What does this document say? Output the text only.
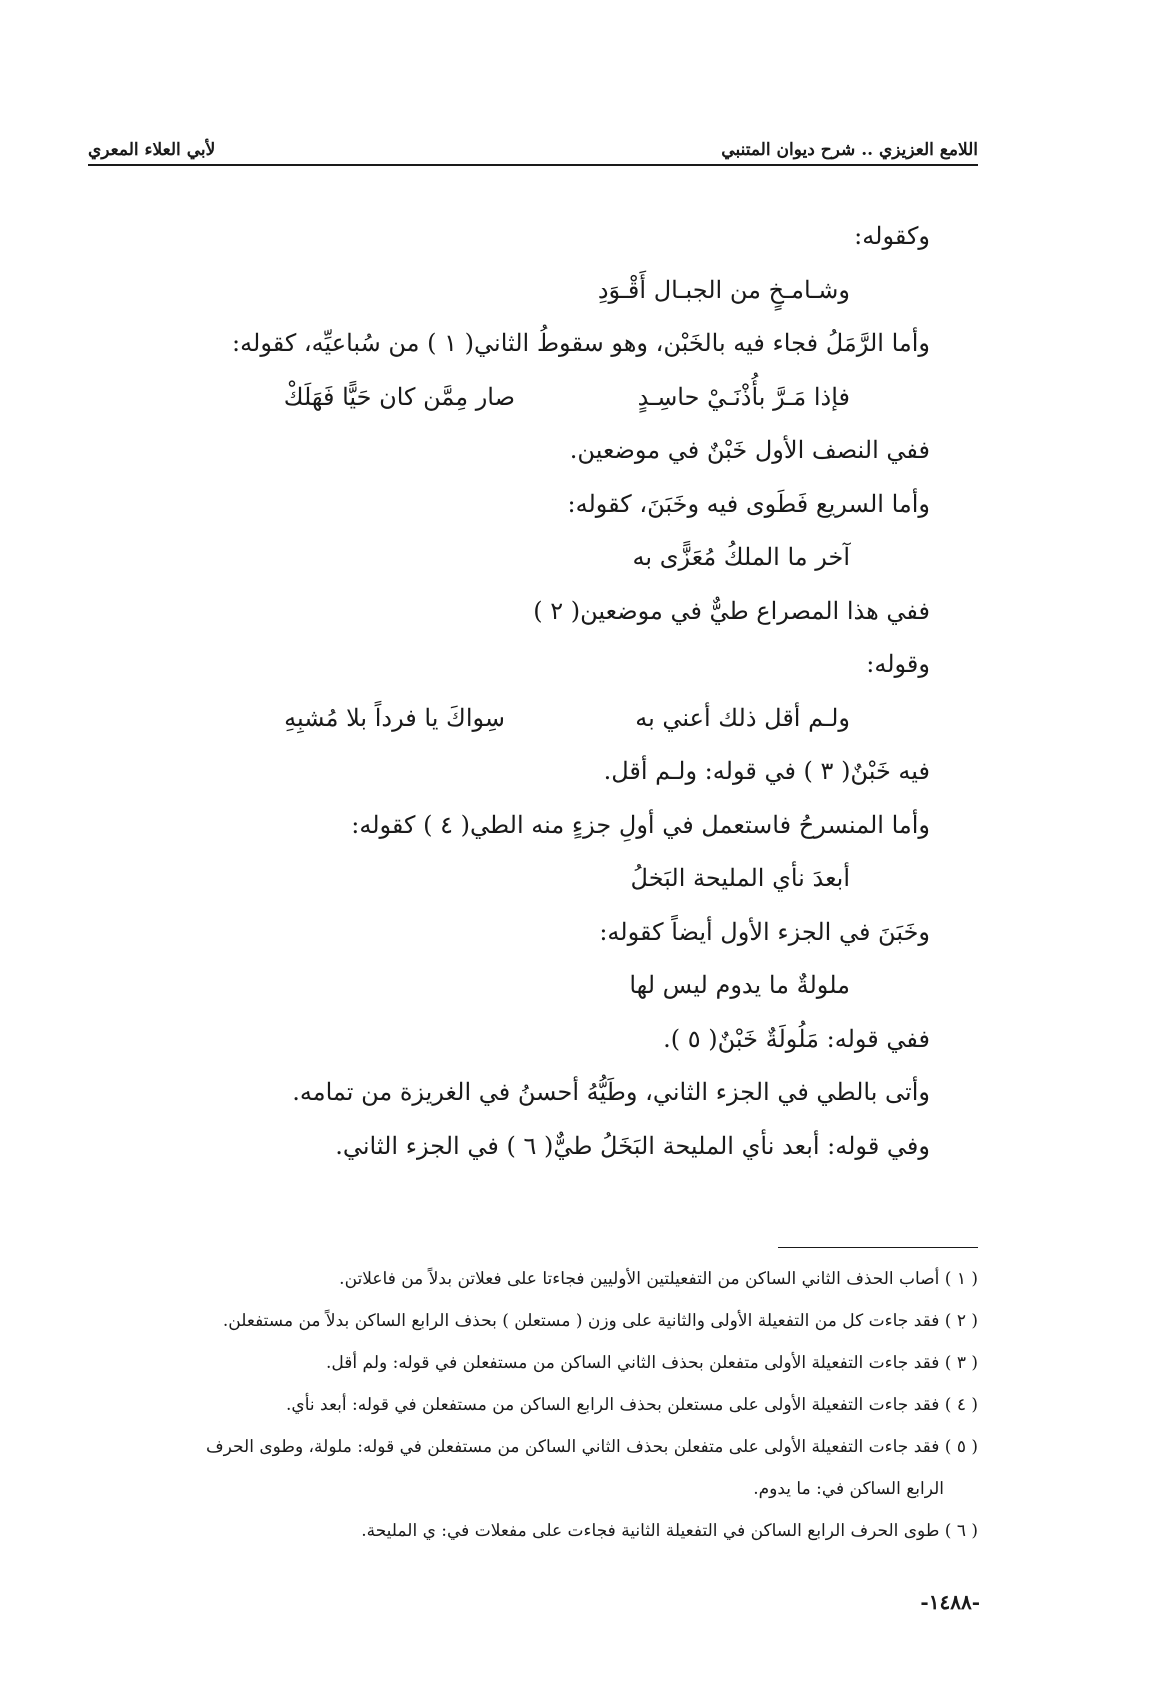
اللامع العزيزي .. شرح ديوان المتنبي
لأبي العلاء المعري
وكقوله:
وشـامـخٍ من الجبـال أَقْـوَدِ
وأما الرَّمَلُ فجاء فيه بالخَبْن، وهو سقوطُ الثاني( ١ ) من سُباعيِّه، كقوله:
فإذا مَـرَّ بأُذْنَـيْ حاسِـدٍ
صار مِمَّن كان حَيًّا فَهَلَكْ
ففي النصف الأول خَبْنٌ في موضعين.
وأما السريع فَطَوى فيه وخَبَنَ، كقوله:
آخر ما الملكُ مُعَزًّى به
ففي هذا المصراع طيٌّ في موضعين( ٢ )
وقوله:
ولـم أقل ذلك أعني به
سِواكَ يا فرداً بلا مُشبِهِ
فيه خَبْنٌ( ٣ ) في قوله: ولـم أقل.
وأما المنسرحُ فاستعمل في أولِ جزءٍ منه الطي( ٤ ) كقوله:
أبعدَ نأي المليحة البَخلُ
وخَبَنَ في الجزء الأول أيضاً كقوله:
ملولةٌ ما يدوم ليس لها
ففي قوله: مَلُولَةٌ خَبْنٌ( ٥ ).
وأتى بالطي في الجزء الثاني، وطَيُّهُ أحسنُ في الغريزة من تمامه.
وفي قوله: أبعد نأي المليحة البَخَلُ طيٌّ( ٦ ) في الجزء الثاني.
( ١ ) أصاب الحذف الثاني الساكن من التفعيلتين الأوليين فجاءتا على فعلاتن بدلاً من فاعلاتن.
( ٢ ) فقد جاءت كل من التفعيلة الأولى والثانية على وزن ( مستعلن ) بحذف الرابع الساكن بدلاً من مستفعلن.
( ٣ ) فقد جاءت التفعيلة الأولى متفعلن بحذف الثاني الساكن من مستفعلن في قوله: ولم أقل.
( ٤ ) فقد جاءت التفعيلة الأولى على مستعلن بحذف الرابع الساكن من مستفعلن في قوله: أبعد نأي.
( ٥ ) فقد جاءت التفعيلة الأولى على متفعلن بحذف الثاني الساكن من مستفعلن في قوله: ملولة، وطوى الحرف
الرابع الساكن في: ما يدوم.
( ٦ ) طوى الحرف الرابع الساكن في التفعيلة الثانية فجاءت على مفعلات في: ي المليحة.
-١٤٨٨-
